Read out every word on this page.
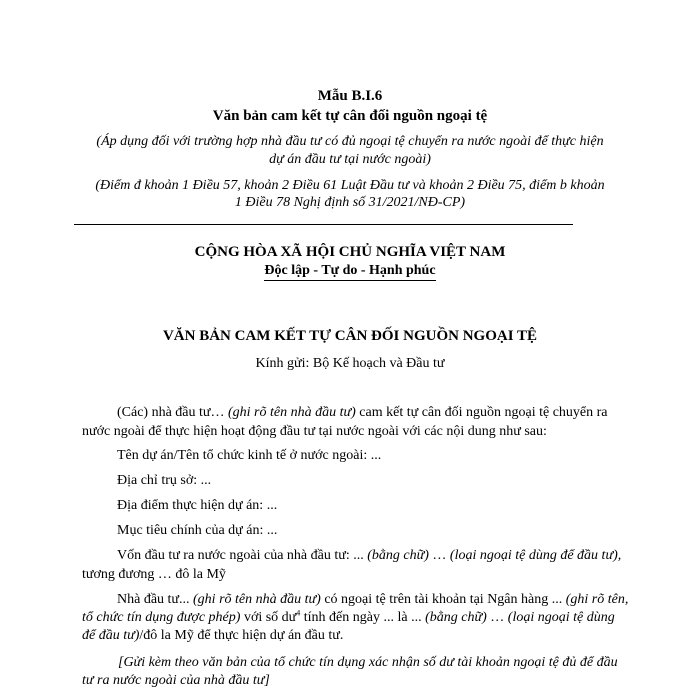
Mẫu B.I.6
Văn bản cam kết tự cân đối nguồn ngoại tệ
(Áp dụng đối với trường hợp nhà đầu tư có đủ ngoại tệ chuyển ra nước ngoài để thực hiện
dự án đầu tư tại nước ngoài)
(Điểm đ khoản 1 Điều 57, khoản 2 Điều 61 Luật Đầu tư và khoản 2 Điều 75, điểm b khoản
1 Điều 78 Nghị định số 31/2021/NĐ-CP)
CỘNG HÒA XÃ HỘI CHỦ NGHĨA VIỆT NAM
Độc lập - Tự do - Hạnh phúc
VĂN BẢN CAM KẾT TỰ CÂN ĐỐI NGUỒN NGOẠI TỆ
Kính gửi: Bộ Kế hoạch và Đầu tư
(Các) nhà đầu tư… (ghi rõ tên nhà đầu tư) cam kết tự cân đối nguồn ngoại tệ chuyển ra
nước ngoài để thực hiện hoạt động đầu tư tại nước ngoài với các nội dung như sau:
Tên dự án/Tên tổ chức kinh tế ở nước ngoài: ...
Địa chỉ trụ sở: ...
Địa điểm thực hiện dự án: ...
Mục tiêu chính của dự án: ...
Vốn đầu tư ra nước ngoài của nhà đầu tư: ... (bằng chữ) … (loại ngoại tệ dùng để đầu tư),
tương đương … đô la Mỹ
Nhà đầu tư... (ghi rõ tên nhà đầu tư) có ngoại tệ trên tài khoản tại Ngân hàng ... (ghi rõ tên,
tổ chức tín dụng được phép) với số $dư^4$ tính đến ngày ... là ... (bằng chữ) … (loại ngoại tệ dùng
để đầu tư)/đô la Mỹ để thực hiện dự án đầu tư.
[Gửi kèm theo văn bản của tổ chức tín dụng xác nhận số dư tài khoản ngoại tệ đủ để đầu
tư ra nước ngoài của nhà đầu tư]
